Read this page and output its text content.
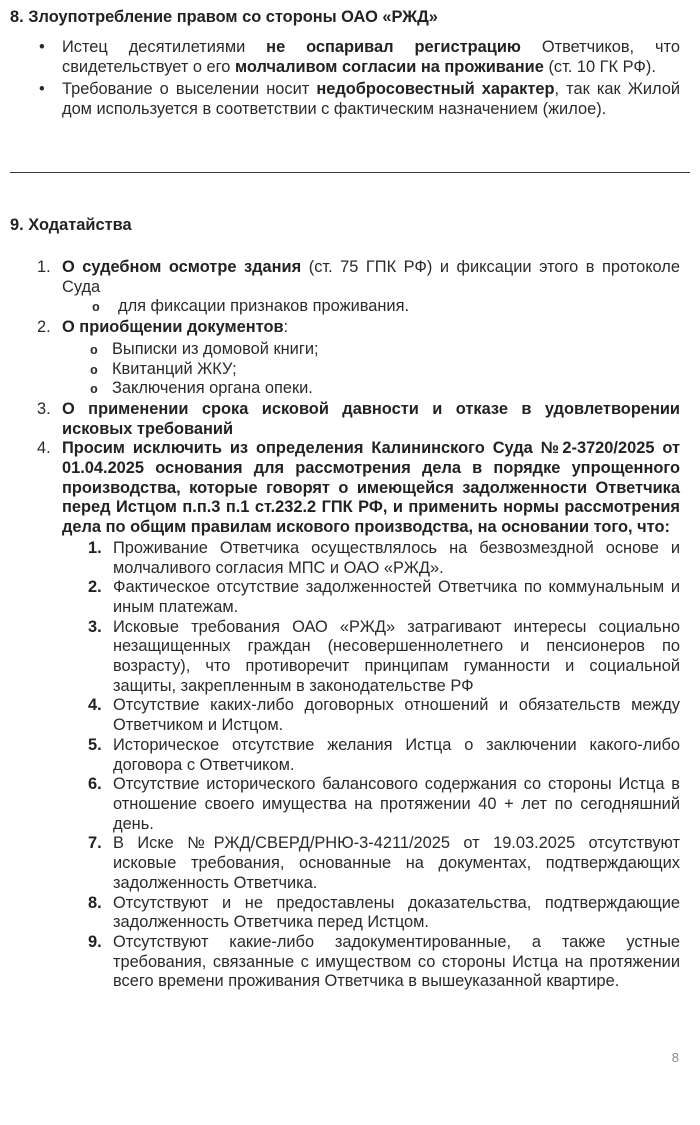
8. Злоупотребление правом со стороны ОАО «РЖД»
• Истец десятилетиями не оспаривал регистрацию Ответчиков, что свидетельствует о его молчаливом согласии на проживание (ст. 10 ГК РФ).
• Требование о выселении носит недобросовестный характер, так как Жилой дом используется в соответствии с фактическим назначением (жилое).
9. Ходатайства
1. О судебном осмотре здания (ст. 75 ГПК РФ) и фиксации этого в протоколе Суда
o для фиксации признаков проживания.
2. О приобщении документов:
o Выписки из домовой книги;
o Квитанций ЖКУ;
o Заключения органа опеки.
3. О применении срока исковой давности и отказе в удовлетворении исковых требований
4. Просим исключить из определения Калининского Суда №2-3720/2025 от 01.04.2025 основания для рассмотрения дела в порядке упрощенного производства, которые говорят о имеющейся задолженности Ответчика перед Истцом п.п.3 п.1 ст.232.2 ГПК РФ, и применить нормы рассмотрения дела по общим правилам искового производства, на основании того, что:
1. Проживание Ответчика осуществлялось на безвозмездной основе и молчаливого согласия МПС и ОАО «РЖД».
2. Фактическое отсутствие задолженностей Ответчика по коммунальным и иным платежам.
3. Исковые требования ОАО «РЖД» затрагивают интересы социально незащищенных граждан (несовершеннолетнего и пенсионеров по возрасту), что противоречит принципам гуманности и социальной защиты, закрепленным в законодательстве РФ
4. Отсутствие каких-либо договорных отношений и обязательств между Ответчиком и Истцом.
5. Историческое отсутствие желания Истца о заключении какого-либо договора с Ответчиком.
6. Отсутствие исторического балансового содержания со стороны Истца в отношение своего имущества на протяжении 40 + лет по сегодняшний день.
7. В Иске №РЖД/СВЕРД/РНЮ-3-4211/2025 от 19.03.2025 отсутствуют исковые требования, основанные на документах, подтверждающих задолженность Ответчика.
8. Отсутствуют и не предоставлены доказательства, подтверждающие задолженность Ответчика перед Истцом.
9. Отсутствуют какие-либо задокументированные, а также устные требования, связанные с имуществом со стороны Истца на протяжении всего времени проживания Ответчика в вышеуказанной квартире.
8
